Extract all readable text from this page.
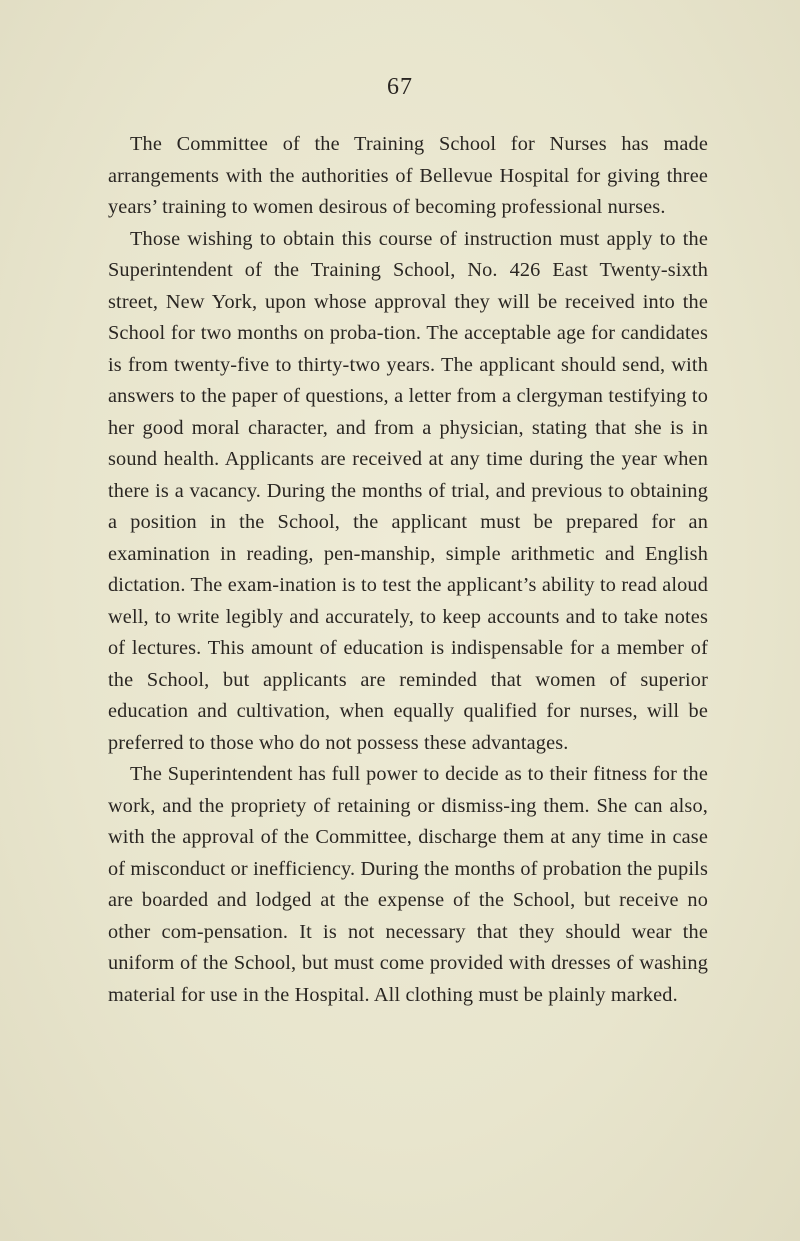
67

The Committee of the Training School for Nurses has made arrangements with the authorities of Bellevue Hospital for giving three years’ training to women desirous of becoming professional nurses.

Those wishing to obtain this course of instruction must apply to the Superintendent of the Training School, No. 426 East Twenty-sixth street, New York, upon whose approval they will be received into the School for two months on proba-tion. The acceptable age for candidates is from twenty-five to thirty-two years. The applicant should send, with answers to the paper of questions, a letter from a clergyman testifying to her good moral character, and from a physician, stating that she is in sound health. Applicants are received at any time during the year when there is a vacancy. During the months of trial, and previous to obtaining a position in the School, the applicant must be prepared for an examination in reading, pen-manship, simple arithmetic and English dictation. The exam-ination is to test the applicant’s ability to read aloud well, to write legibly and accurately, to keep accounts and to take notes of lectures. This amount of education is indispensable for a member of the School, but applicants are reminded that women of superior education and cultivation, when equally qualified for nurses, will be preferred to those who do not possess these advantages.

The Superintendent has full power to decide as to their fitness for the work, and the propriety of retaining or dismiss-ing them. She can also, with the approval of the Committee, discharge them at any time in case of misconduct or inefficiency. During the months of probation the pupils are boarded and lodged at the expense of the School, but receive no other com-pensation. It is not necessary that they should wear the uniform of the School, but must come provided with dresses of washing material for use in the Hospital. All clothing must be plainly marked.
